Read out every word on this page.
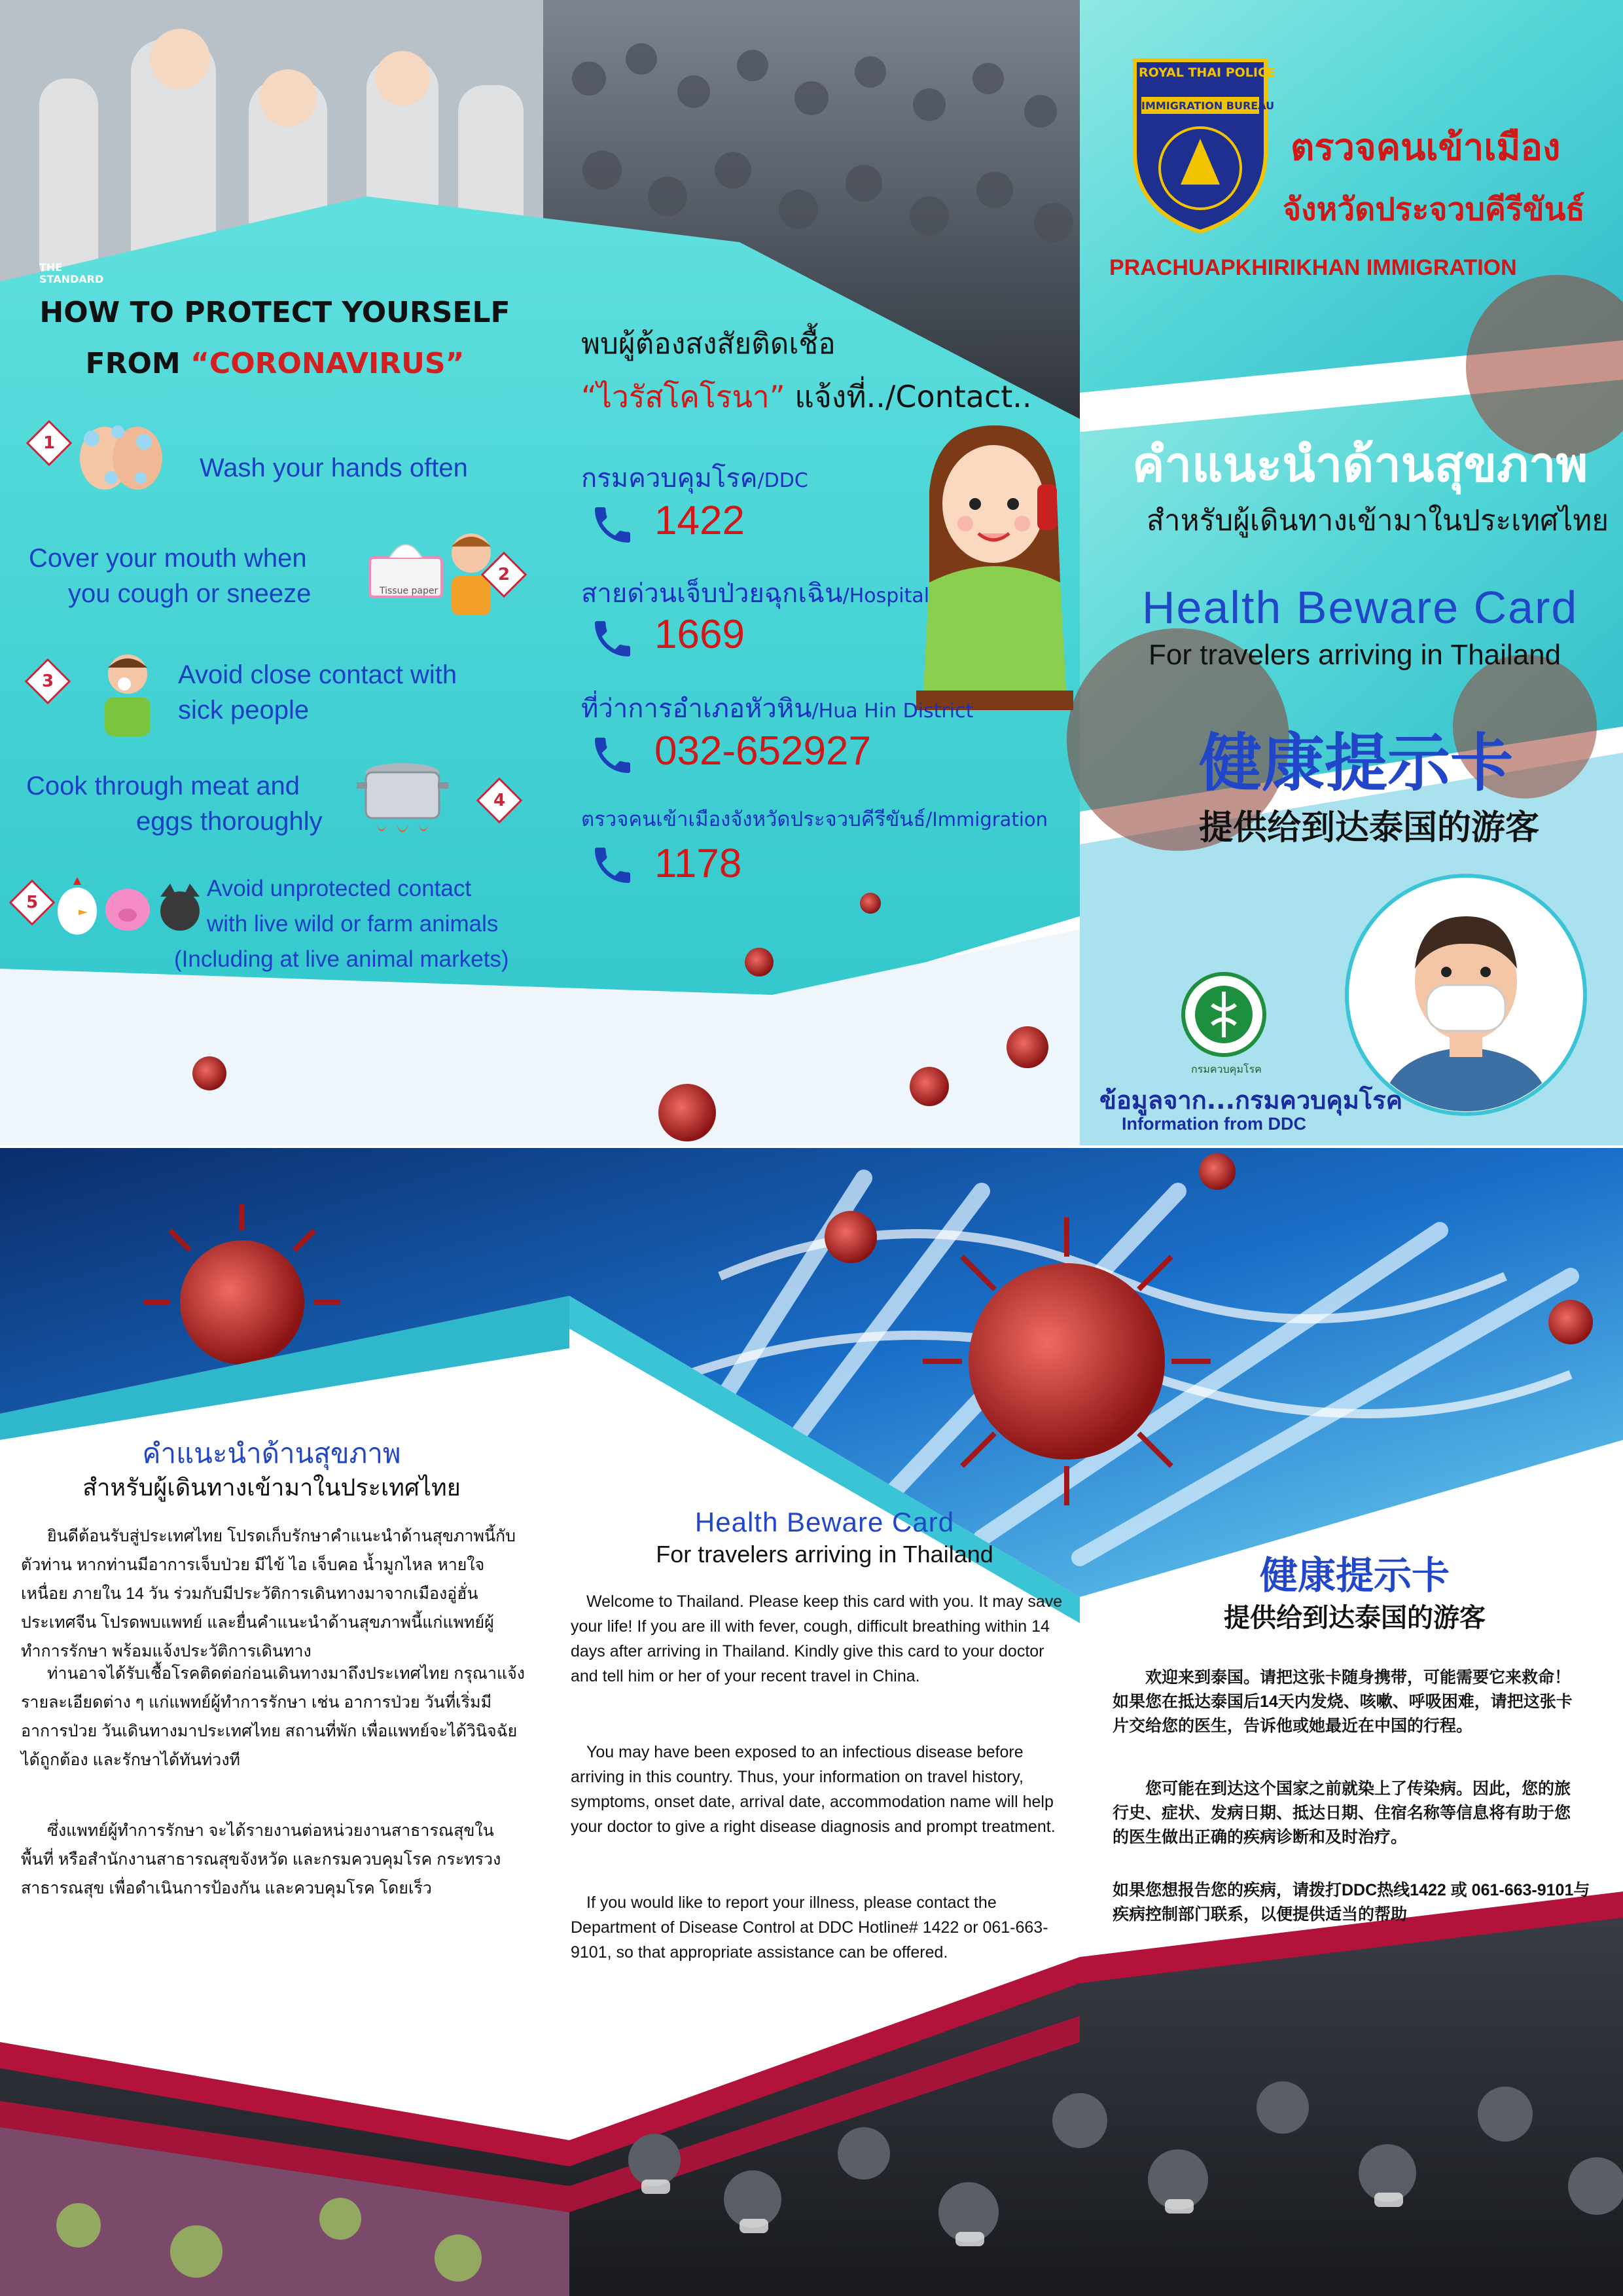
THE STANDARD
HOW TO PROTECT YOURSELF
FROM “CORONAVIRUS”
1
Wash your hands often
Cover your mouth when
you cough or sneeze	Tissue paper
2
3	Avoid close contact with
sick people
Cook through meat and
eggs thoroughly
4
5
Avoid unprotected contact
with live wild or farm animals
(Including at live animal markets)
พบผู้ต้องสงสัยติดเชื้อ
“ไวรัสโคโรนา” แจ้งที่../Contact..
กรมควบคุมโรค/DDC
1422
สายด่วนเจ็บป่วยฉุกเฉิน/Hospital
1669
ที่ว่าการอำเภอหัวหิน/Hua Hin District
032-652927
ตรวจคนเข้าเมืองจังหวัดประจวบคีรีขันธ์/Immigration
1178
ROYAL THAI POLICE
IMMIGRATION BUREAU
ตรวจคนเข้าเมือง
จังหวัดประจวบคีรีขันธ์
PRACHUAPKHIRIKHAN IMMIGRATION
คำแนะนำด้านสุขภาพ
สำหรับผู้เดินทางเข้ามาในประเทศไทย
Health Beware Card
For travelers arriving in Thailand
健康提示卡
提供给到达泰国的游客
กรมควบคุมโรค
ข้อมูลจาก...กรมควบคุมโรค
Information from DDC
คำแนะนำด้านสุขภาพ
สำหรับผู้เดินทางเข้ามาในประเทศไทย
ยินดีต้อนรับสู่ประเทศไทย โปรดเก็บรักษาคำแนะนำด้านสุขภาพนี้กับตัวท่าน หากท่านมีอาการเจ็บป่วย มีไข้ ไอ เจ็บคอ น้ำมูกไหล หายใจเหนื่อย ภายใน 14 วัน ร่วมกับมีประวัติการเดินทางมาจากเมืองอู่ฮั่น ประเทศจีน โปรดพบแพทย์ และยื่นคำแนะนำด้านสุขภาพนี้แก่แพทย์ผู้ทำการรักษา พร้อมแจ้งประวัติการเดินทาง
ท่านอาจได้รับเชื้อโรคติดต่อก่อนเดินทางมาถึงประเทศไทย กรุณาแจ้งรายละเอียดต่าง ๆ แก่แพทย์ผู้ทำการรักษา เช่น อาการป่วย วันที่เริ่มมีอาการป่วย วันเดินทางมาประเทศไทย สถานที่พัก เพื่อแพทย์จะได้วินิจฉัยได้ถูกต้อง และรักษาได้ทันท่วงที
ซึ่งแพทย์ผู้ทำการรักษา จะได้รายงานต่อหน่วยงานสาธารณสุขในพื้นที่ หรือสำนักงานสาธารณสุขจังหวัด และกรมควบคุมโรค กระทรวงสาธารณสุข เพื่อดำเนินการป้องกัน และควบคุมโรค โดยเร็ว
Health Beware Card
For travelers arriving in Thailand
Welcome to Thailand. Please keep this card with you. It may save your life! If you are ill with fever, cough, difficult breathing within 14 days after arriving in Thailand. Kindly give this card to your doctor and tell him or her of your recent travel in China.
You may have been exposed to an infectious disease before arriving in this country. Thus, your information on travel history, symptoms, onset date, arrival date, accommodation name will help your doctor to give a right disease diagnosis and prompt treatment.
If you would like to report your illness, please contact the Department of Disease Control at DDC Hotline# 1422 or 061-663-9101, so that appropriate assistance can be offered.
健康提示卡
提供给到达泰国的游客
欢迎来到泰国。请把这张卡随身携带，可能需要它来救命！如果您在抵达泰国后14天内发烧、咳嗽、呼吸困难，请把这张卡片交给您的医生，告诉他或她最近在中国的行程。
您可能在到达这个国家之前就染上了传染病。因此，您的旅行史、症状、发病日期、抵达日期、住宿名称等信息将有助于您的医生做出正确的疾病诊断和及时治疗。
如果您想报告您的疾病，请拨打DDC热线1422 或 061-663-9101与疾病控制部门联系，以便提供适当的帮助
